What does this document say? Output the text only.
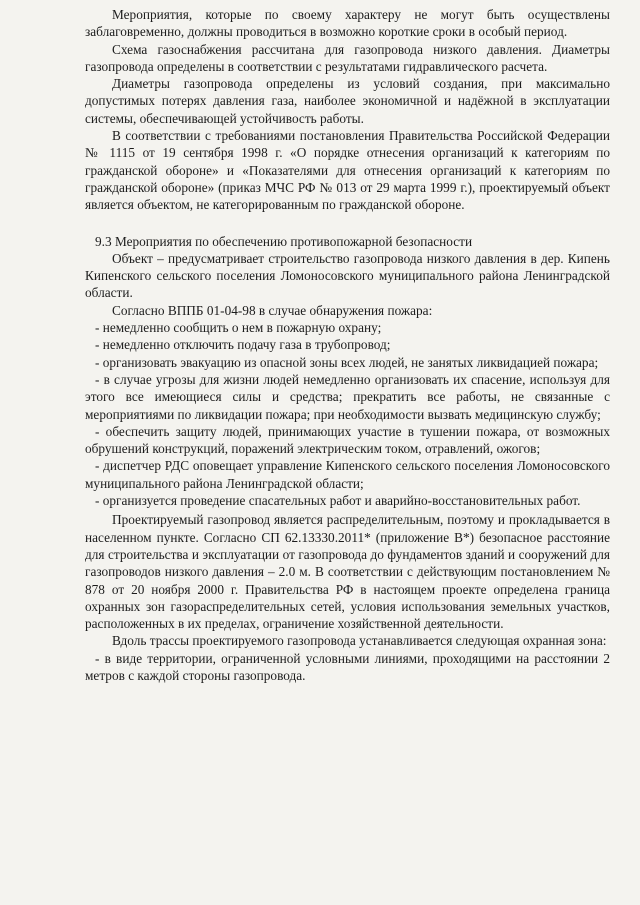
Мероприятия, которые по своему характеру не могут быть осуществлены заблаговременно, должны проводиться в возможно короткие сроки в особый период.

Схема газоснабжения рассчитана для газопровода низкого давления. Диаметры газопровода определены в соответствии с результатами гидравлического расчета.

Диаметры газопровода определены из условий создания, при максимально допустимых потерях давления газа, наиболее экономичной и надёжной в эксплуатации системы, обеспечивающей устойчивость работы.

В соответствии с требованиями постановления Правительства Российской Федерации № 1115 от 19 сентября 1998 г. «О порядке отнесения организаций к категориям по гражданской обороне» и «Показателями для отнесения организаций к категориям по гражданской обороне» (приказ МЧС РФ № 013 от 29 марта 1999 г.), проектируемый объект является объектом, не категорированным по гражданской обороне.

9.3 Мероприятия по обеспечению противопожарной безопасности

Объект – предусматривает строительство газопровода низкого давления в дер. Кипень Кипенского сельского поселения Ломоносовского муниципального района Ленинградской области.

Согласно ВППБ 01-04-98 в случае обнаружения пожара:

- немедленно сообщить о нем в пожарную охрану;

- немедленно отключить подачу газа в трубопровод;

- организовать эвакуацию из опасной зоны всех людей, не занятых ликвидацией пожара;

- в случае угрозы для жизни людей немедленно организовать их спасение, используя для этого все имеющиеся силы и средства; прекратить все работы, не связанные с мероприятиями по ликвидации пожара; при необходимости вызвать медицинскую службу;

- обеспечить защиту людей, принимающих участие в тушении пожара, от возможных обрушений конструкций, поражений электрическим током, отравлений, ожогов;

- диспетчер РДС оповещает управление Кипенского сельского поселения Ломоносовского муниципального района Ленинградской области;

- организуется проведение спасательных работ и аварийно-восстановительных работ.

Проектируемый газопровод является распределительным, поэтому и прокладывается в населенном пункте. Согласно СП 62.13330.2011* (приложение В*) безопасное расстояние для строительства и эксплуатации от газопровода до фундаментов зданий и сооружений для газопроводов низкого давления – 2.0 м. В соответствии с действующим постановлением № 878 от 20 ноября 2000 г. Правительства РФ в настоящем проекте определена граница охранных зон газораспределительных сетей, условия использования земельных участков, расположенных в их пределах, ограничение хозяйственной деятельности.

Вдоль трассы проектируемого газопровода устанавливается следующая охранная зона:

- в виде территории, ограниченной условными линиями, проходящими на расстоянии 2 метров с каждой стороны газопровода.
